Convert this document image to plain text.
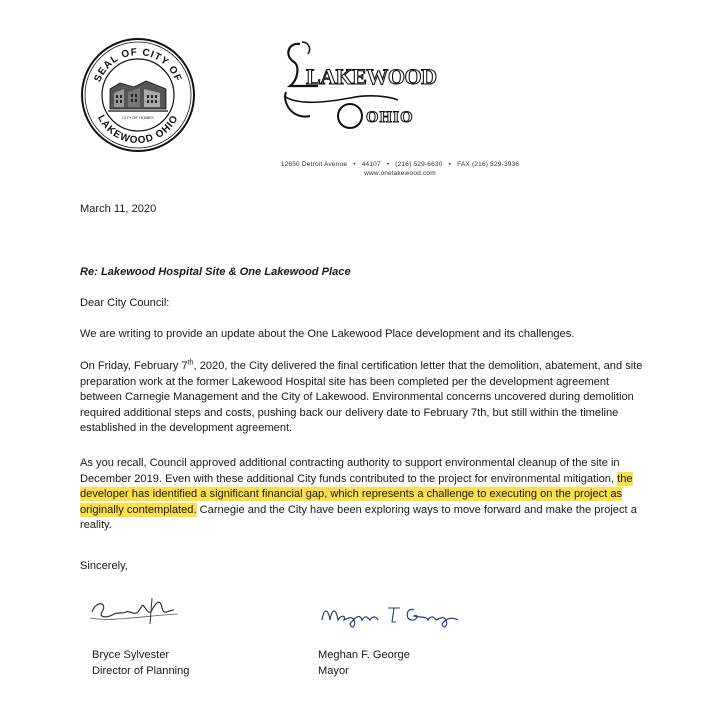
SEAL OF CITY OF
LAKEWOOD OHIO
CITY OF HOMES
LAKEWOOD
OHIO
12650 Detroit Avenue • 44107 • (216) 529-6630 • FAX (216) 529-3936
www.onelakewood.com

March 11, 2020

Re: Lakewood Hospital Site & One Lakewood Place

Dear City Council:

We are writing to provide an update about the One Lakewood Place development and its challenges.

On Friday, February 7th, 2020, the City delivered the final certification letter that the demolition, abatement, and site preparation work at the former Lakewood Hospital site has been completed per the development agreement between Carnegie Management and the City of Lakewood. Environmental concerns uncovered during demolition required additional steps and costs, pushing back our delivery date to February 7th, but still within the timeline established in the development agreement.

As you recall, Council approved additional contracting authority to support environmental cleanup of the site in December 2019. Even with these additional City funds contributed to the project for environmental mitigation, the developer has identified a significant financial gap, which represents a challenge to executing on the project as originally contemplated. Carnegie and the City have been exploring ways to move forward and make the project a reality.

Sincerely,

Bryce Sylvester
Director of Planning
Meghan F. George
Mayor
